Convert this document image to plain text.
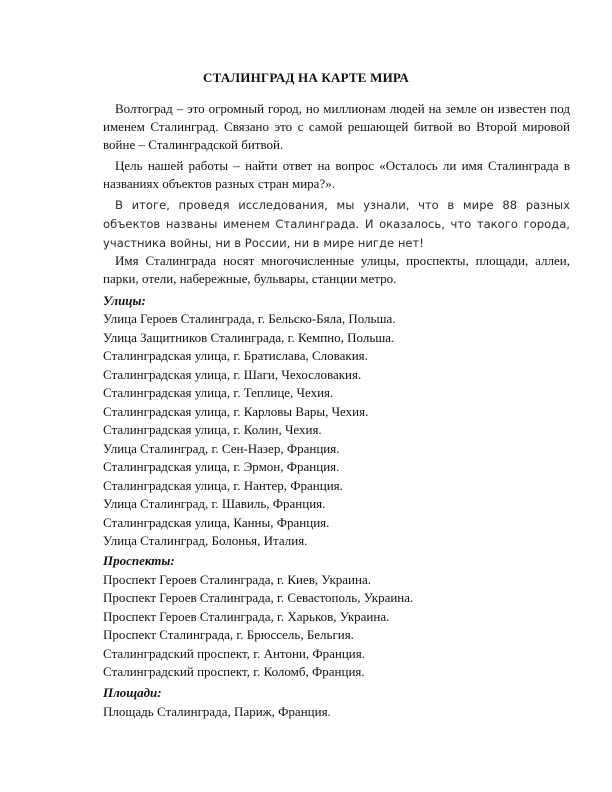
СТАЛИНГРАД НА КАРТЕ МИРА

Волтоград – это огромный город, но миллионам людей на земле он известен под именем Сталинград. Связано это с самой решающей битвой во Второй мировой войне – Сталинградской битвой.

Цель нашей работы – найти ответ на вопрос «Осталось ли имя Сталинграда в названиях объектов разных стран мира?».

В итоге, проведя исследования, мы узнали, что в мире 88 разных объектов названы именем Сталинграда. И оказалось, что такого города, участника войны, ни в России, ни в мире нигде нет!

Имя Сталинграда носят многочисленные улицы, проспекты, площади, аллеи, парки, отели, набережные, бульвары, станции метро.

Улицы:
Улица Героев Сталинграда, г. Бельско-Бяла, Польша.
Улица Защитников Сталинграда, г. Кемпно, Польша.
Сталинградская улица, г. Братислава, Словакия.
Сталинградская улица, г. Шаги, Чехословакия.
Сталинградская улица, г. Теплице, Чехия.
Сталинградская улица, г. Карловы Вары, Чехия.
Сталинградская улица, г. Колин, Чехия.
Улица Сталинград, г. Сен-Назер, Франция.
Сталинградская улица, г. Эрмон, Франция.
Сталинградская улица, г. Нантер, Франция.
Улица Сталинград, г. Шавиль, Франция.
Сталинградская улица, Канны, Франция.
Улица Сталинград, Болонья, Италия.
Проспекты:
Проспект Героев Сталинграда, г. Киев, Украина.
Проспект Героев Сталинграда, г. Севастополь, Украина.
Проспект Героев Сталинграда, г. Харьков, Украина.
Проспект Сталинграда, г. Брюссель, Бельгия.
Сталинградский проспект, г. Антони, Франция.
Сталинградский проспект, г. Коломб, Франция.
Площади:
Площадь Сталинграда, Париж, Франция.
